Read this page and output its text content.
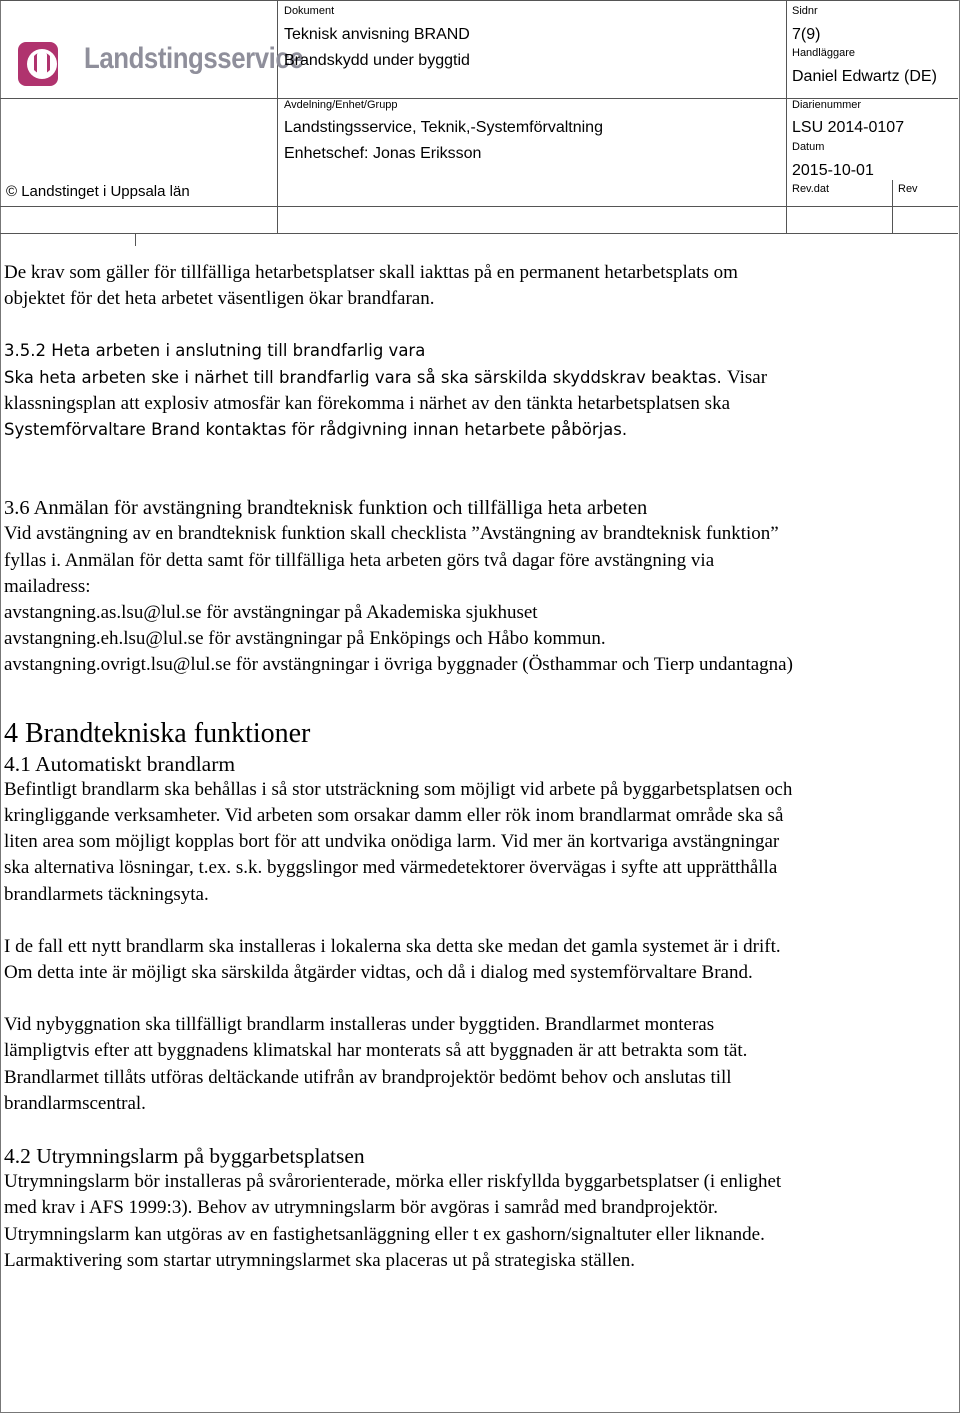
Landstingsservice
© Landstinget i Uppsala län
Dokument
Teknisk anvisning BRAND
Brandskydd under byggtid
Avdelning/Enhet/Grupp
Landstingsservice, Teknik,-Systemförvaltning
Enhetschef: Jonas Eriksson
Sidnr
7(9)
Handläggare
Daniel Edwartz (DE)
Diarienummer
LSU 2014-0107
Datum
2015-10-01
Rev.dat	Rev

De krav som gäller för tillfälliga hetarbetsplatser skall iakttas på en permanent hetarbetsplats om

objektet för det heta arbetet väsentligen ökar brandfaran.

3.5.2 Heta arbeten i anslutning till brandfarlig vara

Ska heta arbeten ske i närhet till brandfarlig vara så ska särskilda skyddskrav beaktas. Visar

klassningsplan att explosiv atmosfär kan förekomma i närhet av den tänkta hetarbetsplatsen ska

Systemförvaltare Brand kontaktas för rådgivning innan hetarbete påbörjas.

3.6 Anmälan för avstängning brandteknisk funktion och tillfälliga heta arbeten

Vid avstängning av en brandteknisk funktion skall checklista ”Avstängning av brandteknisk funktion”

fyllas i. Anmälan för detta samt för tillfälliga heta arbeten görs två dagar före avstängning via

mailadress:

avstangning.as.lsu@lul.se för avstängningar på Akademiska sjukhuset

avstangning.eh.lsu@lul.se för avstängningar på Enköpings och Håbo kommun.

avstangning.ovrigt.lsu@lul.se för avstängningar i övriga byggnader (Östhammar och Tierp undantagna)

4 Brandtekniska funktioner

4.1 Automatiskt brandlarm

Befintligt brandlarm ska behållas i så stor utsträckning som möjligt vid arbete på byggarbetsplatsen och

kringliggande verksamheter. Vid arbeten som orsakar damm eller rök inom brandlarmat område ska så

liten area som möjligt kopplas bort för att undvika onödiga larm. Vid mer än kortvariga avstängningar

ska alternativa lösningar, t.ex. s.k. byggslingor med värmedetektorer övervägas i syfte att upprätthålla

brandlarmets täckningsyta.

I de fall ett nytt brandlarm ska installeras i lokalerna ska detta ske medan det gamla systemet är i drift.

Om detta inte är möjligt ska särskilda åtgärder vidtas, och då i dialog med systemförvaltare Brand.

Vid nybyggnation ska tillfälligt brandlarm installeras under byggtiden. Brandlarmet monteras

lämpligtvis efter att byggnadens klimatskal har monterats så att byggnaden är att betrakta som tät.

Brandlarmet tillåts utföras deltäckande utifrån av brandprojektör bedömt behov och anslutas till

brandlarmscentral.

4.2 Utrymningslarm på byggarbetsplatsen

Utrymningslarm bör installeras på svårorienterade, mörka eller riskfyllda byggarbetsplatser (i enlighet

med krav i AFS 1999:3). Behov av utrymningslarm bör avgöras i samråd med brandprojektör.

Utrymningslarm kan utgöras av en fastighetsanläggning eller t ex gashorn/signaltuter eller liknande.

Larmaktivering som startar utrymningslarmet ska placeras ut på strategiska ställen.
